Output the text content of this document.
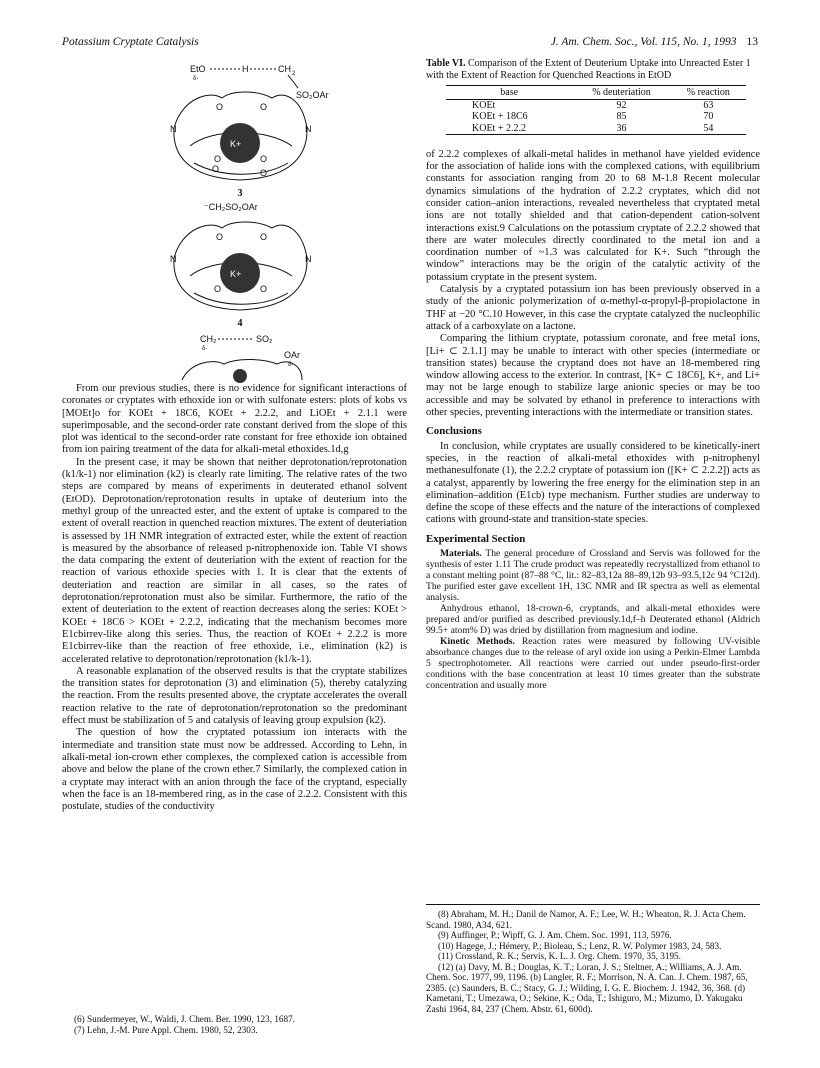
Potassium Cryptate Catalysis	J. Am. Chem. Soc., Vol. 115, No. 1, 1993 13
EtO
δ-
H	CH 2
SO₂OAr
K+
N	N
O	O
O	O
O	O
3
⁻CH₂SO₂OAr
K+
N	N
O	O
O	O
4
CH₂
δ-
SO₂
OAr
δ-

From our previous studies, there is no evidence for significant interactions of coronates or cryptates with ethoxide ion or with sulfonate esters: plots of kobs vs [MOEt]o for KOEt + 18C6, KOEt + 2.2.2, and LiOEt + 2.1.1 were superimposable, and the second-order rate constant derived from the slope of this plot was identical to the second-order rate constant for free ethoxide ion obtained from ion pairing treatment of the data for alkali-metal ethoxides.1d,g

In the present case, it may be shown that neither deprotonation/reprotonation (k1/k-1) nor elimination (k2) is clearly rate limiting. The relative rates of the two steps are compared by means of experiments in deuterated ethanol solvent (EtOD). Deprotonation/reprotonation results in uptake of deuterium into the methyl group of the unreacted ester, and the extent of uptake is compared to the extent of overall reaction in quenched reaction mixtures. The extent of deuteriation is assessed by 1H NMR integration of extracted ester, while the extent of reaction is measured by the absorbance of released p-nitrophenoxide ion. Table VI shows the data comparing the extent of deuteriation with the extent of reaction for the reaction of various ethoxide species with 1. It is clear that the extents of deuteriation and reaction are similar in all cases, so the rates of deprotonation/reprotonation must also be similar. Furthermore, the ratio of the extent of deuteriation to the extent of reaction decreases along the series: KOEt > KOEt + 18C6 > KOEt + 2.2.2, indicating that the mechanism becomes more E1cbirrev-like along this series. Thus, the reaction of KOEt + 2.2.2 is more E1cbirrev-like than the reaction of free ethoxide, i.e., elimination (k2) is accelerated relative to deprotonation/reprotonation (k1/k-1).

A reasonable explanation of the observed results is that the cryptate stabilizes the transition states for deprotonation (3) and elimination (5), thereby catalyzing the reaction. From the results presented above, the cryptate accelerates the overall reaction relative to the rate of deprotonation/reprotonation so the predominant effect must be stabilization of 5 and catalysis of leaving group expulsion (k2).

The question of how the cryptated potassium ion interacts with the intermediate and transition state must now be addressed. According to Lehn, in alkali-metal ion-crown ether complexes, the complexed cation is accessible from above and below the plane of the crown ether.7 Similarly, the complexed cation in a cryptate may interact with an anion through the face of the cryptand, especially when the face is an 18-membered ring, as in the case of 2.2.2. Consistent with this postulate, studies of the conductivity

Table VI. Comparison of the Extent of Deuterium Uptake into Unreacted Ester 1 with the Extent of Reaction for Quenched Reactions in EtOD
base	% deuteriation	% reaction
KOEt	92	63
KOEt + 18C6	85	70
KOEt + 2.2.2	36	54

of 2.2.2 complexes of alkali-metal halides in methanol have yielded evidence for the association of halide ions with the complexed cations, with equilibrium constants for association ranging from 20 to 68 M-1.8 Recent molecular dynamics simulations of the hydration of 2.2.2 cryptates, which did not consider cation–anion interactions, revealed nevertheless that cryptated metal ions are not totally shielded and that cation-dependent cation-solvent interactions exist.9 Calculations on the potassium cryptate of 2.2.2 showed that there are water molecules directly coordinated to the metal ion and a coordination number of ~1.3 was calculated for K+. Such “through the window” interactions may be the origin of the catalytic activity of the potassium cryptate in the present system.

Catalysis by a cryptated potassium ion has been previously observed in a study of the anionic polymerization of α-methyl-α-propyl-β-propiolactone in THF at −20 °C.10 However, in this case the cryptate catalyzed the nucleophilic attack of a carboxylate on a lactone.

Comparing the lithium cryptate, potassium coronate, and free metal ions, [Li+ ⊂ 2.1.1] may be unable to interact with other species (intermediate or transition states) because the cryptand does not have an 18-membered ring window allowing access to the exterior. In contrast, [K+ ⊂ 18C6], K+, and Li+ may not be large enough to stabilize large anionic species or may be too accessible and may be solvated by ethanol in preference to interactions with other species, preventing interactions with the intermediate or transition states.

Conclusions

In conclusion, while cryptates are usually considered to be kinetically-inert species, in the reaction of alkali-metal ethoxides with p-nitrophenyl methanesulfonate (1), the 2.2.2 cryptate of potassium ion ([K+ ⊂ 2.2.2]) acts as a catalyst, apparently by lowering the free energy for the elimination step in an elimination–addition (E1cb) type mechanism. Further studies are underway to define the scope of these effects and the nature of the interactions of complexed cations with ground-state and transition-state species.

Experimental Section

Materials. The general procedure of Crossland and Servis was followed for the synthesis of ester 1.11 The crude product was repeatedly recrystallized from ethanol to a constant melting point (87–88 °C, lit.: 82–83,12a 88–89,12b 93–93.5,12c 94 °C12d). The purified ester gave excellent 1H, 13C NMR and IR spectra as well as elemental analysis.

Anhydrous ethanol, 18-crown-6, cryptands, and alkali-metal ethoxides were prepared and/or purified as described previously.1d,f–h Deuterated ethanol (Aldrich 99.5+ atom% D) was dried by distillation from magnesium and iodine.

Kinetic Methods. Reaction rates were measured by following UV-visible absorbance changes due to the release of aryl oxide ion using a Perkin-Elmer Lambda 5 spectrophotometer. All reactions were carried out under pseudo-first-order conditions with the base concentration at least 10 times greater than the substrate concentration and usually more

(8) Abraham, M. H.; Danil de Namor, A. F.; Lee, W. H.; Wheaton, R. J. Acta Chem. Scand. 1980, A34, 621.

(9) Auffinger, P.; Wipff, G. J. Am. Chem. Soc. 1991, 113, 5976.

(10) Hagege, J.; Hémery, P.; Bioleau, S.; Lenz, R. W. Polymer 1983, 24, 583.

(11) Crossland, R. K.; Servis, K. L. J. Org. Chem. 1970, 35, 3195.

(12) (a) Davy, M. B.; Douglas, K. T.; Loran, J. S.; Steltner, A.; Williams, A. J. Am. Chem. Soc. 1977, 99, 1196. (b) Langler, R. F.; Morrison, N. A. Can. J. Chem. 1987, 65, 2385. (c) Saunders, B. C.; Stacy, G. J.; Wilding, I. G. E. Biochem. J. 1942, 36, 368. (d) Kametani, T.; Umezawa, O.; Sekine, K.; Oda, T.; Ishiguro, M.; Mizumo, D. Yakugaku Zashi 1964, 84, 237 (Chem. Abstr. 61, 600d).

(6) Sundermeyer, W., Waldi, J. Chem. Ber. 1990, 123, 1687.

(7) Lehn, J.-M. Pure Appl. Chem. 1980, 52, 2303.
